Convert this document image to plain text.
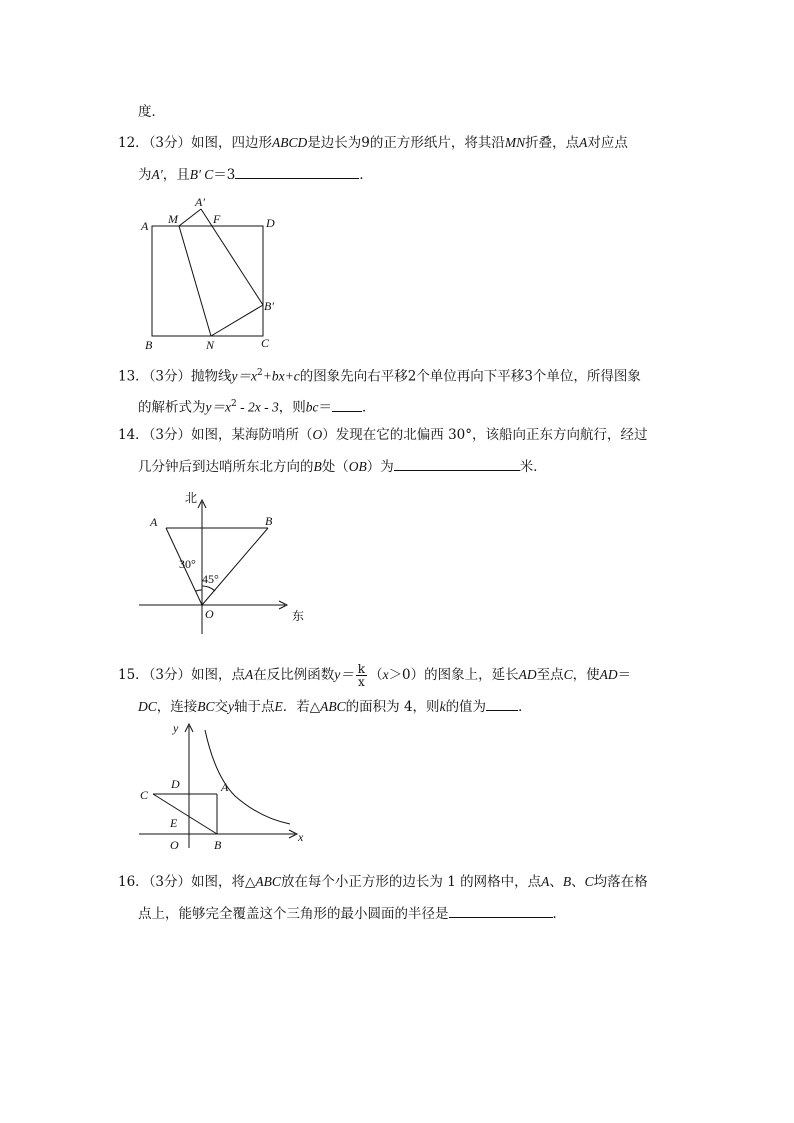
度．
12．（3分）如图，四边形ABCD是边长为9的正方形纸片，将其沿MN折叠，点A对应点
为A′，且B′ C＝3	．
A M
A′
F	D
B′
B	N	C
13．（3分）抛物线$y=x^2+bx+c$的图象先向右平移2个单位再向下平移3个单位，所得图象
的解析式为$y=x^2 - 2x - 3$，则bc＝ ．
14．（3分）如图，某海防哨所（O）发现在它的北偏西 30°，该船向正东方向航行，经过
几分钟后到达哨所东北方向的B处（OB）为	米．
北
东
A	B
O
30°
45°
15．（3分）如图，点A在反比例函数$y= \frac{k}{x} (x>0)$的图象上，延长AD至点C，使AD＝
DC，连接BC交y轴于点E．若△ABC的面积为 4，则k的值为 ．
y
x
D	A
C
E
O	B
16．（3分）如图，将△ABC放在每个小正方形的边长为 1 的网格中，点A、B、C均落在格
点上，能够完全覆盖这个三角形的最小圆面的半径是	．
